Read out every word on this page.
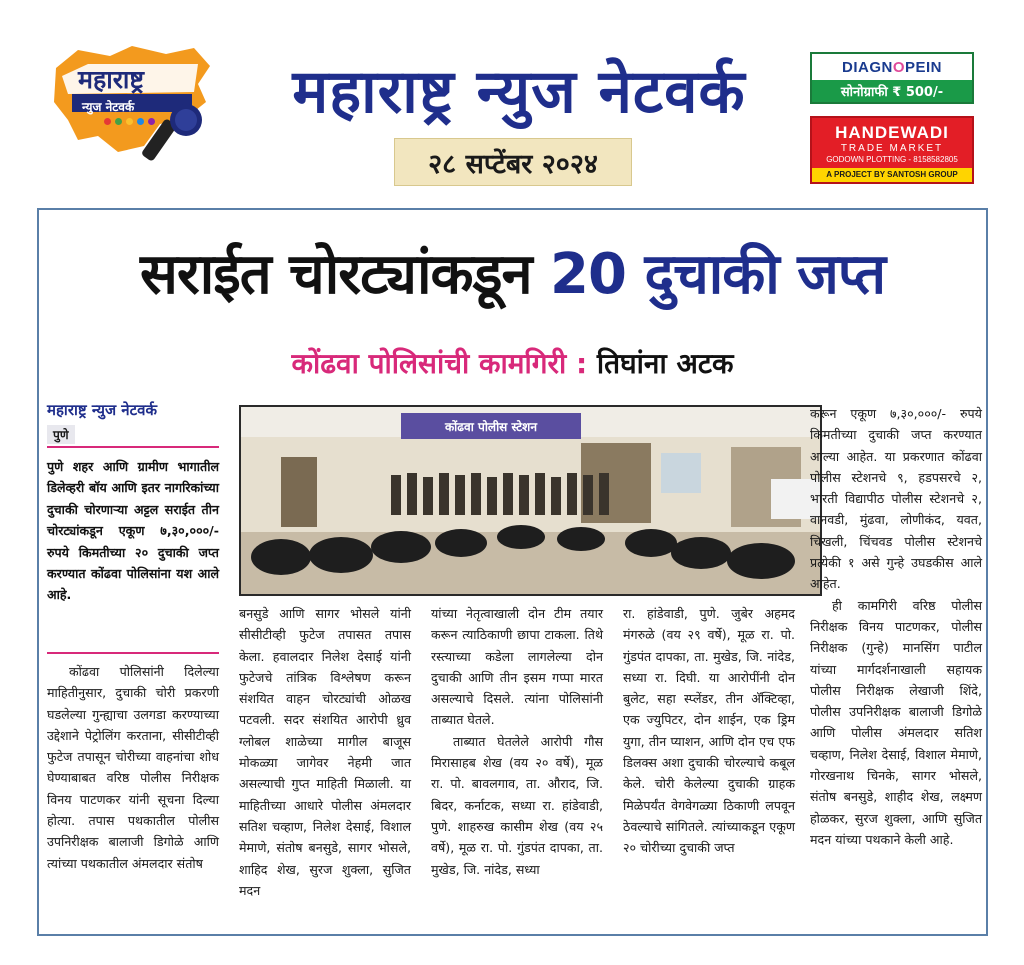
महाराष्ट्र
न्युज नेटवर्क	महाराष्ट्र न्युज नेटवर्क
२८ सप्टेंबर २०२४
DIAGN O PEIN
सोनोग्राफी ₹ 500/-
HANDEWADI
TRADE MARKET
GODOWN PLOTTING - 8158582805
A PROJECT BY SANTOSH GROUP
सराईत चोरट्यांकडून 20 दुचाकी जप्त
कोंढवा पोलिसांची कामगिरी : तिघांना अटक
महाराष्ट्र न्युज नेटवर्क
पुणे
पुणे शहर आणि ग्रामीण भागातील डिलेव्हरी बॉय आणि इतर नागरिकांच्या दुचाकी चोरणाऱ्या अट्टल सराईत तीन चोरट्यांकडून एकूण ७,३०,०००/- रुपये किमतीच्या २० दुचाकी जप्त करण्यात कोंढवा पोलिसांना यश आले आहे.
कोंढवा पोलीस स्टेशन

कोंढवा पोलिसांनी दिलेल्या माहितीनुसार, दुचाकी चोरी प्रकरणी घडलेल्या गुन्ह्याचा उलगडा करण्याच्या उद्देशाने पेट्रोलिंग करताना, सीसीटीव्ही फुटेज तपासून चोरीच्या वाहनांचा शोध घेण्याबाबत वरिष्ठ पोलीस निरीक्षक विनय पाटणकर यांनी सूचना दिल्या होत्या. तपास पथकातील पोलीस उपनिरीक्षक बालाजी डिगोळे आणि त्यांच्या पथकातील अंमलदार संतोष

बनसुडे आणि सागर भोसले यांनी सीसीटीव्ही फुटेज तपासत तपास केला. हवालदार निलेश देसाई यांनी फुटेजचे तांत्रिक विश्लेषण करून संशयित वाहन चोरट्यांची ओळख पटवली. सदर संशयित आरोपी ध्रुव ग्लोबल शाळेच्या मागील बाजूस मोकळ्या जागेवर नेहमी जात असल्याची गुप्त माहिती मिळाली. या माहितीच्या आधारे पोलीस अंमलदार सतिश चव्हाण, निलेश देसाई, विशाल मेमाणे, संतोष बनसुडे, सागर भोसले, शाहिद शेख, सुरज शुक्ला, सुजित मदन

यांच्या नेतृत्वाखाली दोन टीम तयार करून त्याठिकाणी छापा टाकला. तिथे रस्त्याच्या कडेला लागलेल्या दोन दुचाकी आणि तीन इसम गप्पा मारत असल्याचे दिसले. त्यांना पोलिसांनी ताब्यात घेतले.

ताब्यात घेतलेले आरोपी गौस मिरासाहब शेख (वय २० वर्षे), मूळ रा. पो. बावलगाव, ता. औराद, जि. बिदर, कर्नाटक, सध्या रा. हांडेवाडी, पुणे. शाहरुख कासीम शेख (वय २५ वर्षे), मूळ रा. पो. गुंडपंत दापका, ता. मुखेड, जि. नांदेड, सध्या

रा. हांडेवाडी, पुणे. जुबेर अहमद मंगरुळे (वय २९ वर्षे), मूळ रा. पो. गुंडपंत दापका, ता. मुखेड, जि. नांदेड, सध्या रा. दिघी. या आरोपींनी दोन बुलेट, सहा स्प्लेंडर, तीन अ‍ॅक्टिव्हा, एक ज्युपिटर, दोन शाईन, एक ड्रिम युगा, तीन प्याशन, आणि दोन एच एफ डिलक्स अशा दुचाकी चोरल्याचे कबूल केले. चोरी केलेल्या दुचाकी ग्राहक मिळेपर्यंत वेगवेगळ्या ठिकाणी लपवून ठेवल्याचे सांगितले. त्यांच्याकडून एकूण २० चोरीच्या दुचाकी जप्त

करून एकूण ७,३०,०००/- रुपये किमतीच्या दुचाकी जप्त करण्यात आल्या आहेत. या प्रकरणात कोंढवा पोलीस स्टेशनचे ९, हडपसरचे २, भारती विद्यापीठ पोलीस स्टेशनचे २, वानवडी, मुंढवा, लोणीकंद, यवत, चिखली, चिंचवड पोलीस स्टेशनचे प्रत्येकी १ असे गुन्हे उघडकीस आले आहेत.

ही कामगिरी वरिष्ठ पोलीस निरीक्षक विनय पाटणकर, पोलीस निरीक्षक (गुन्हे) मानसिंग पाटील यांच्या मार्गदर्शनाखाली सहायक पोलीस निरीक्षक लेखाजी शिंदे, पोलीस उपनिरीक्षक बालाजी डिगोळे आणि पोलीस अंमलदार सतिश चव्हाण, निलेश देसाई, विशाल मेमाणे, गोरखनाथ चिनके, सागर भोसले, संतोष बनसुडे, शाहीद शेख, लक्ष्मण होळकर, सुरज शुक्ला, आणि सुजित मदन यांच्या पथकाने केली आहे.
